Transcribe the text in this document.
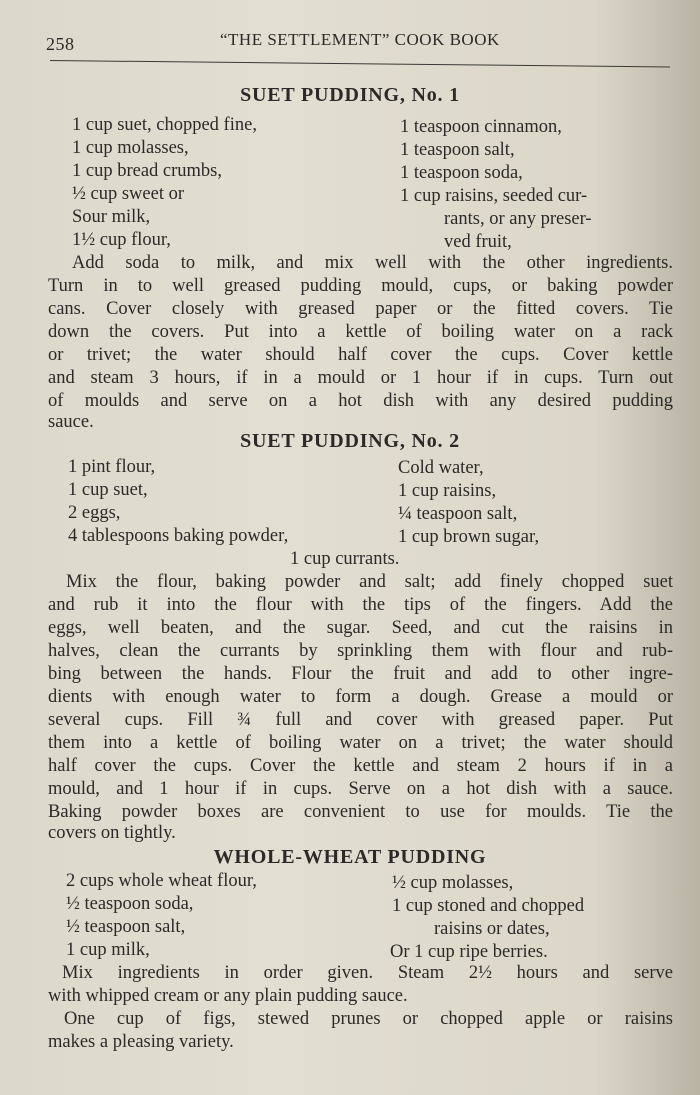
258	“THE SETTLEMENT” COOK BOOK
SUET PUDDING, No. 1
1 cup suet, chopped fine,
1 cup molasses,
1 cup bread crumbs,
½ cup sweet or
Sour milk,
1½ cup flour,
1 teaspoon cinnamon,
1 teaspoon salt,
1 teaspoon soda,
1 cup raisins, seeded cur-
rants, or any preser-
ved fruit,
Add soda to milk, and mix well with the other ingredients.
Turn in to well greased pudding mould, cups, or baking powder
cans. Cover closely with greased paper or the fitted covers. Tie
down the covers. Put into a kettle of boiling water on a rack
or trivet; the water should half cover the cups. Cover kettle
and steam 3 hours, if in a mould or 1 hour if in cups. Turn out
of moulds and serve on a hot dish with any desired pudding
sauce.
SUET PUDDING, No. 2
1 pint flour,
1 cup suet,
2 eggs,
4 tablespoons baking powder,
Cold water,
1 cup raisins,
¼ teaspoon salt,
1 cup brown sugar,
1 cup currants.
Mix the flour, baking powder and salt; add finely chopped suet
and rub it into the flour with the tips of the fingers. Add the
eggs, well beaten, and the sugar. Seed, and cut the raisins in
halves, clean the currants by sprinkling them with flour and rub-
bing between the hands. Flour the fruit and add to other ingre-
dients with enough water to form a dough. Grease a mould or
several cups. Fill ¾ full and cover with greased paper. Put
them into a kettle of boiling water on a trivet; the water should
half cover the cups. Cover the kettle and steam 2 hours if in a
mould, and 1 hour if in cups. Serve on a hot dish with a sauce.
Baking powder boxes are convenient to use for moulds. Tie the
covers on tightly.
WHOLE-WHEAT PUDDING
2 cups whole wheat flour,
½ teaspoon soda,
½ teaspoon salt,
1 cup milk,
½ cup molasses,
1 cup stoned and chopped
raisins or dates,
Or 1 cup ripe berries.
Mix ingredients in order given. Steam 2½ hours and serve
with whipped cream or any plain pudding sauce.
One cup of figs, stewed prunes or chopped apple or raisins
makes a pleasing variety.
